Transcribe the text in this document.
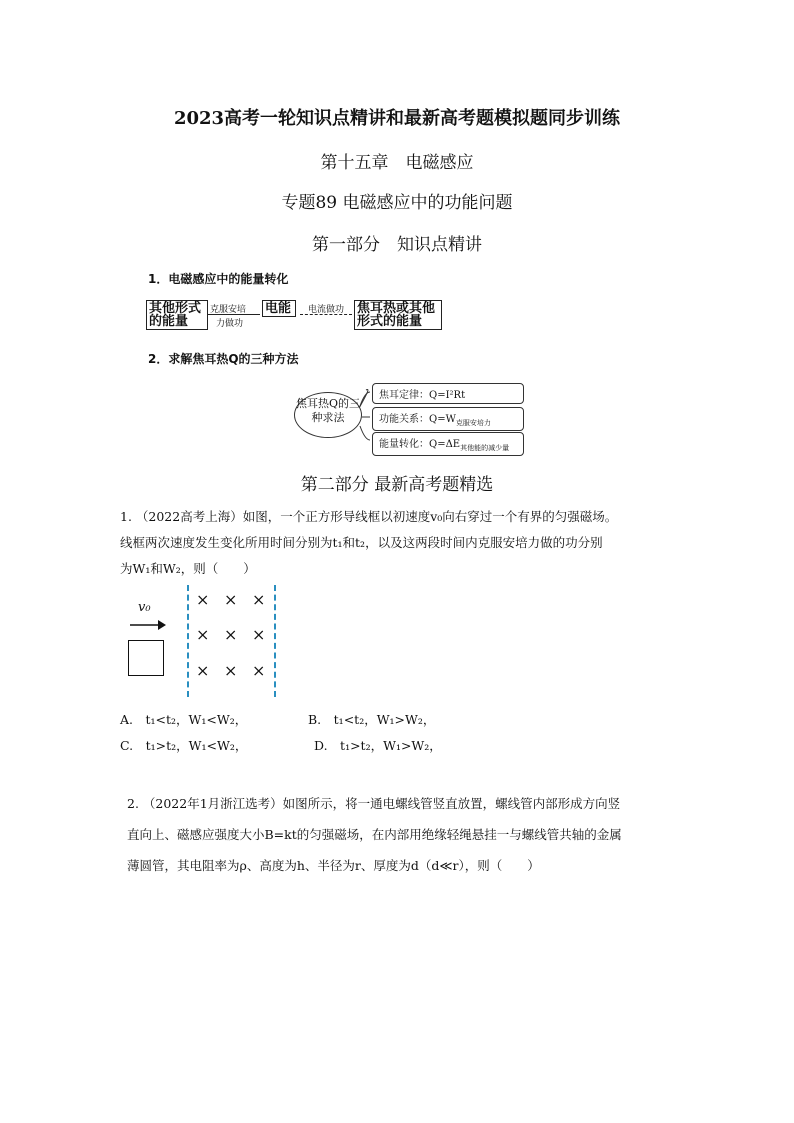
2023高考一轮知识点精讲和最新高考题模拟题同步训练
第十五章　电磁感应
专题89 电磁感应中的功能问题
第一部分　知识点精讲
1．电磁感应中的能量转化
其他形式的能量
克服安培
力做功
电能	电流做功 焦耳热或其他形式的能量
2．求解焦耳热Q的三种方法
焦耳热Q的三种求法
焦耳定律：Q=I²Rt
功能关系：$Q=W_{克服安培力}$
能量转化：$Q=\Delta E_{其他能的减少量}$
第二部分 最新高考题精选
1. （2022高考上海）如图，一个正方形导线框以初速度v₀向右穿过一个有界的匀强磁场。
线框两次速度发生变化所用时间分别为t₁和t₂，以及这两段时间内克服安培力做的功分别
为W₁和W₂，则（　　）
v₀	× × ×
× × ×
× × ×
A.　t₁<t₂，W₁<W₂，	B.　t₁<t₂，W₁>W₂，
C.　t₁>t₂，W₁<W₂，	D.　t₁>t₂，W₁>W₂，
2. （2022年1月浙江选考）如图所示，将一通电螺线管竖直放置，螺线管内部形成方向竖
直向上、磁感应强度大小B=kt的匀强磁场，在内部用绝缘轻绳悬挂一与螺线管共轴的金属
薄圆管，其电阻率为ρ、高度为h、半径为r、厚度为d（d≪r），则（　　）
